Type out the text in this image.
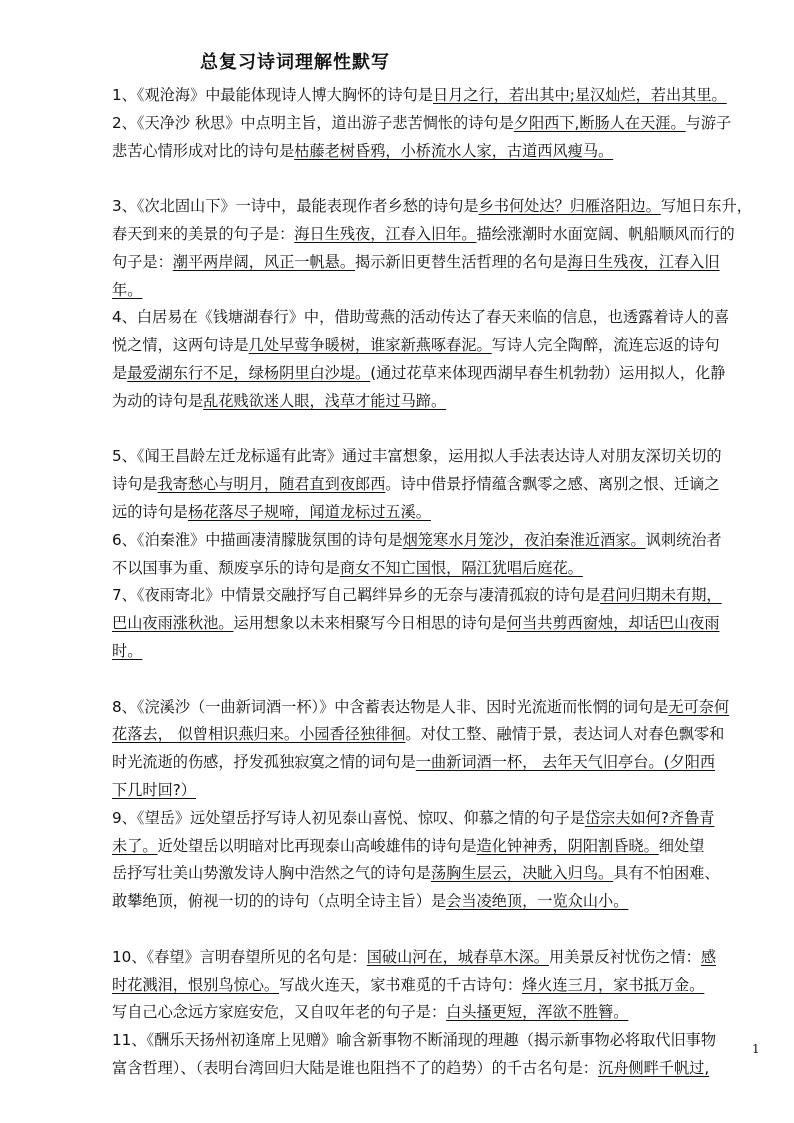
总复习诗词理解性默写
1、《观沧海》中最能体现诗人博大胸怀的诗句是日月之行，若出其中;星汉灿烂，若出其里。
2、《天净沙 秋思》中点明主旨，道出游子悲苦惆怅的诗句是夕阳西下,断肠人在天涯。与游子
悲苦心情形成对比的诗句是枯藤老树昏鸦，小桥流水人家，古道西风瘦马。
3、《次北固山下》一诗中，最能表现作者乡愁的诗句是乡书何处达？归雁洛阳边。写旭日东升，
春天到来的美景的句子是：海日生残夜，江春入旧年。描绘涨潮时水面宽阔、帆船顺风而行的
句子是：潮平两岸阔，风正一帆悬。揭示新旧更替生活哲理的名句是海日生残夜，江春入旧
年。
4、白居易在《钱塘湖春行》中，借助莺燕的活动传达了春天来临的信息，也透露着诗人的喜
悦之情，这两句诗是几处早莺争暖树，谁家新燕啄春泥。写诗人完全陶醉，流连忘返的诗句
是最爱湖东行不足，绿杨阴里白沙堤。(通过花草来体现西湖早春生机勃勃）运用拟人，化静
为动的诗句是乱花贱欲迷人眼，浅草才能过马蹄。
5、《闻王昌龄左迁龙标遥有此寄》通过丰富想象，运用拟人手法表达诗人对朋友深切关切的
诗句是我寄愁心与明月，随君直到夜郎西。诗中借景抒情蕴含飘零之感、离别之恨、迁谪之
远的诗句是杨花落尽子规啼，闻道龙标过五溪。
6、《泊秦淮》中描画凄清朦胧氛围的诗句是烟笼寒水月笼沙，夜泊秦淮近酒家。讽刺统治者
不以国事为重、颓废享乐的诗句是商女不知亡国恨，隔江犹唱后庭花。
7、《夜雨寄北》中情景交融抒写自己羁绊异乡的无奈与凄清孤寂的诗句是君问归期未有期，
巴山夜雨涨秋池。运用想象以未来相聚写今日相思的诗句是何当共剪西窗烛，却话巴山夜雨
时。
8、《浣溪沙（一曲新词酒一杯）》中含蓄表达物是人非、因时光流逝而怅惘的词句是无可奈何
花落去， 似曾相识燕归来。小园香径独徘徊。对仗工整、融情于景，表达词人对春色飘零和
时光流逝的伤感，抒发孤独寂寞之情的词句是一曲新词酒一杯， 去年天气旧亭台。(夕阳西
下几时回?）
9、《望岳》远处望岳抒写诗人初见泰山喜悦、惊叹、仰慕之情的句子是岱宗夫如何?齐鲁青
未了。近处望岳以明暗对比再现泰山高峻雄伟的诗句是造化钟神秀，阴阳割昏晓。细处望
岳抒写壮美山势激发诗人胸中浩然之气的诗句是荡胸生层云，决眦入归鸟。具有不怕困难、
敢攀绝顶，俯视一切的的诗句（点明全诗主旨）是会当凌绝顶，一览众山小。
10、《春望》言明春望所见的名句是：国破山河在，城春草木深。用美景反衬忧伤之情：感
时花溅泪，恨别鸟惊心。写战火连天，家书难觅的千古诗句：烽火连三月，家书抵万金。
写自己心念远方家庭安危，又自叹年老的句子是：白头搔更短，浑欲不胜簪。
11、《酬乐天扬州初逢席上见赠》喻含新事物不断涌现的理趣（揭示新事物必将取代旧事物
富含哲理）、（表明台湾回归大陆是谁也阻挡不了的趋势）的千古名句是：沉舟侧畔千帆过,
1
